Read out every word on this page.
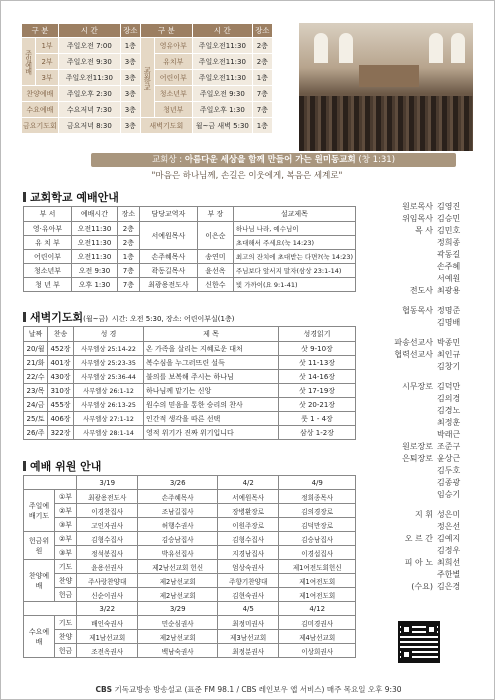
구 분		시 간	장소	구 분		시 간	장소
주일예배	1부	주일오전 7:00	1층	교회학교	영유아부	주일오전11:30	2층
	2부	주일오전 9:30	3층		유치부	주일오전11:30	2층
	3부	주일오전11:30	3층		어린이부	주일오전11:30	1층
찬양예배		주일오후 2:30	3층		청소년부	주일오전 9:30	7층
수요예배		수요저녁 7:30	3층		청년부	주일오후 1:30	7층
금요기도회		금요저녁 8:30	3층	새벽기도회		월~금 새벽 5:30	1층
교회상 : 아름다운 세상을 함께 만들어 가는 원미동교회 (창 1:31)
"마음은 하나님께, 손길은 이웃에게, 복음은 세계로"
교회학교 예배안내
부 서	예배시간	장소	담당교역자	부 장	설교제목
영·유아부	오전11:30	2층	서예원목사	이은순	하나님 나라, 예수님이
유 치 부	오전11:30	2층			초대해서 주세요(눅 14:23)
어린이부	오전11:30	1층	손주혜목사	송연미	최고의 잔치에 초대받는 다면?(눅 14:23)
청소년부	오전 9:30	7층	곽동길목사	윤선옥	주님보다 앞서지 말자(삼상 23:1-14)
청 년 부	오후 1:30	7층	최광용전도사	신한수	빛 가까이(요 9:1-41)
새벽기도회(월~금) 시간: 오전 5:30, 장소: 어린이부실(1층)
날짜	찬송	성 경	제 목	성경읽기
20/월	452장	사무엘상 25:14-22	온 가족을 살리는 지혜로운 대처	삿 9-10장
21/화	401장	사무엘상 25:23-35	복수심을 누그러뜨린 설득	삿 11-13장
22/수	430장	사무엘상 25:36-44	불의를 보복해 주시는 하나님	삿 14-16장
23/목	310장	사무엘상 26:1-12	하나님께 맡기는 신앙	삿 17-19장
24/금	455장	사무엘상 26:13-25	원수의 믿음을 통한 승리의 찬사	삿 20-21장
25/토	406장	사무엘상 27:1-12	인간적 생각을 따른 선택	룻 1 - 4장
26/주	322장	사무엘상 28:1-14	영적 위기가 진짜 위기입니다	삼상 1-2장
예배 위원 안내
		3/19	3/26	4/2	4/9
주일예배기도	①부	최광용전도사	손주혜목사	서예원목사	정희종목사
	②부	이경찬집사	조남길집사	장병환장로	김의경장로
	③부	고인자권사	허행수권사	이원주장로	김덕만장로
헌금위원	②부	김형수집사	김승남집사	김형수집사	김승남집사
	③부	정석봉집사	박유선집사	지경남집사	이경섭집사
찬양예배	기도	윤용선권사	제2남선교회 헌신	엄상숙권사	제1여전도회헌신
	찬양	주사랑찬양대	제2남선교회	주향기찬양대	제1여전도회
	헌금	신순이권사	제2남선교회	김현숙권사	제1여전도회
		3/22	3/29	4/5	4/12
수요예배	기도	배인숙권사	민순심권사	최정미권사	김미경권사
	찬양	제1남선교회	제2남선교회	제3남선교회	제4남선교회
	헌금	조전옥권사	백남숙권사	최정분권사	이상희권사
원로목사 김영진
위임목사 김승민
목 사 김민호
정희종
곽동길
손주혜
서예원
전도사 최광용
협동목사 정명준
김명배
파송선교사 박종민
협력선교사 최인규
김창기
시무장로 김덕만
김의경
김경노
최정훈
박래근
원로장로 조준구
은퇴장로 윤상근
김두호
김종광
임승기
지 휘 성은미
정은선
오 르 간 김예지
김정우
피 아 노 최희선
주한별
(수요) 김은경
CBS 기독교방송 방송설교 (표준 FM 98.1 / CBS 레인보우 앱 서비스) 매주 목요일 오후 9:30
